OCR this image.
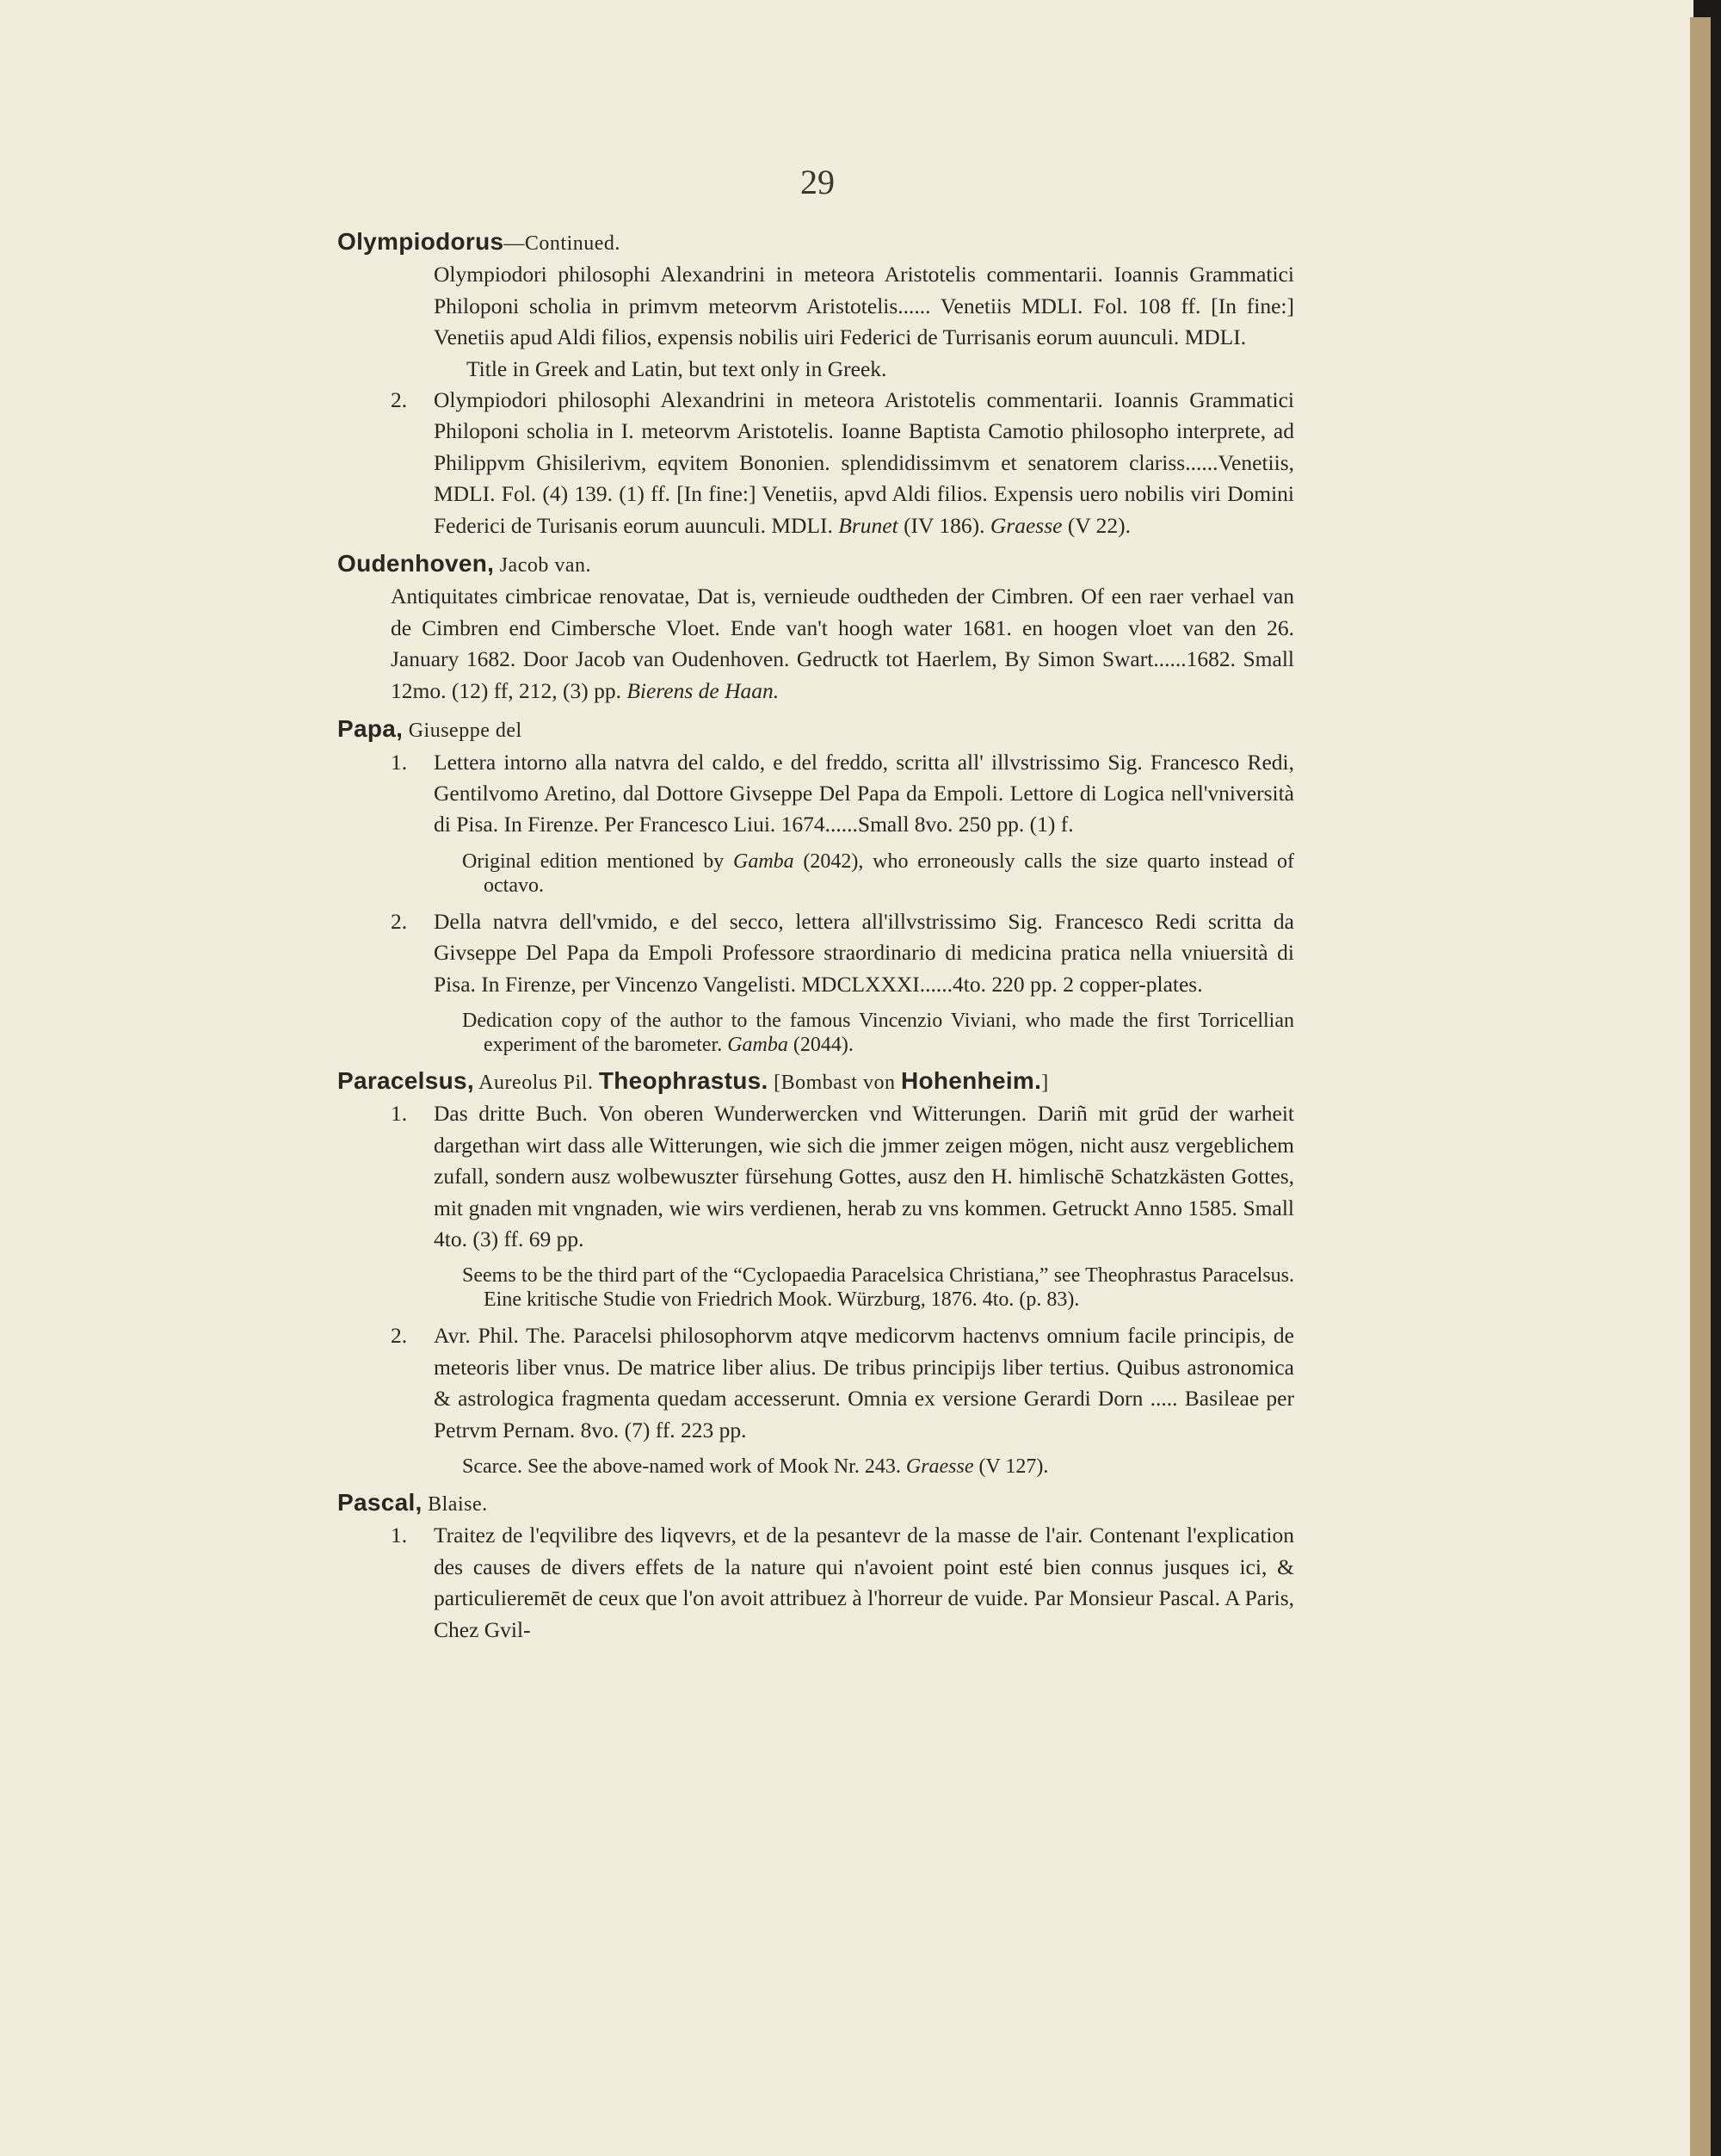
29
Olympiodorus—Continued.
Olympiodori philosophi Alexandrini in meteora Aristotelis commentarii. Ioannis Grammatici Philoponi scholia in primvm meteorvm Aristotelis...... Venetiis MDLI. Fol. 108 ff. [In fine:] Venetiis apud Aldi filios, expensis nobilis uiri Federici de Turrisanis eorum auunculi. MDLI.
Title in Greek and Latin, but text only in Greek.
2. Olympiodori philosophi Alexandrini in meteora Aristotelis commentarii. Ioannis Grammatici Philoponi scholia in I. meteorvm Aristotelis. Ioanne Baptista Camotio philosopho interprete, ad Philippvm Ghisilerivm, eqvitem Bononien. splendidissimvm et senatorem clariss......Venetiis, MDLI. Fol. (4) 139. (1) ff. [In fine:] Venetiis, apvd Aldi filios. Expensis uero nobilis viri Domini Federici de Turisanis eorum auunculi. MDLI. Brunet (IV 186). Graesse (V 22).
Oudenhoven, Jacob van.
Antiquitates cimbricae renovatae, Dat is, vernieude oudtheden der Cimbren. Of een raer verhael van de Cimbren end Cimbersche Vloet. Ende van't hoogh water 1681. en hoogen vloet van den 26. January 1682. Door Jacob van Oudenhoven. Gedructk tot Haerlem, By Simon Swart......1682. Small 12mo. (12) ff, 212, (3) pp. Bierens de Haan.
Papa, Giuseppe del
1. Lettera intorno alla natvra del caldo, e del freddo, scritta all' illvstrissimo Sig. Francesco Redi, Gentilvomo Aretino, dal Dottore Givseppe Del Papa da Empoli. Lettore di Logica nell'vniversità di Pisa. In Firenze. Per Francesco Liui. 1674......Small 8vo. 250 pp. (1) f.
Original edition mentioned by Gamba (2042), who erroneously calls the size quarto instead of octavo.
2. Della natvra dell'vmido, e del secco, lettera all'illvstrissimo Sig. Francesco Redi scritta da Givseppe Del Papa da Empoli Professore straordinario di medicina pratica nella vniuersità di Pisa. In Firenze, per Vincenzo Vangelisti. MDCLXXXI......4to. 220 pp. 2 copper-plates.
Dedication copy of the author to the famous Vincenzio Viviani, who made the first Torricellian experiment of the barometer. Gamba (2044).
Paracelsus, Aureolus Pil. Theophrastus. [Bombast von Hohenheim.]
1. Das dritte Buch. Von oberen Wunderwercken vnd Witterungen. Dariñ mit grūd der warheit dargethan wirt dass alle Witterungen, wie sich die jmmer zeigen mögen, nicht ausz vergeblichem zufall, sondern ausz wolbewuszter fürsehung Gottes, ausz den H. himlischē Schatzkästen Gottes, mit gnaden mit vngnaden, wie wirs verdienen, herab zu vns kommen. Getruckt Anno 1585. Small 4to. (3) ff. 69 pp.
Seems to be the third part of the “Cyclopaedia Paracelsica Christiana,” see Theophrastus Paracelsus. Eine kritische Studie von Friedrich Mook. Würzburg, 1876. 4to. (p. 83).
2. Avr. Phil. The. Paracelsi philosophorvm atqve medicorvm hactenvs omnium facile principis, de meteoris liber vnus. De matrice liber alius. De tribus principijs liber tertius. Quibus astronomica & astrologica fragmenta quedam accesserunt. Omnia ex versione Gerardi Dorn ..... Basileae per Petrvm Pernam. 8vo. (7) ff. 223 pp.
Scarce. See the above-named work of Mook Nr. 243. Graesse (V 127).
Pascal, Blaise.
1. Traitez de l'eqvilibre des liqvevrs, et de la pesantevr de la masse de l'air. Contenant l'explication des causes de divers effets de la nature qui n'avoient point esté bien connus jusques ici, & particulieremēt de ceux que l'on avoit attribuez à l'horreur de vuide. Par Monsieur Pascal. A Paris, Chez Gvil-
